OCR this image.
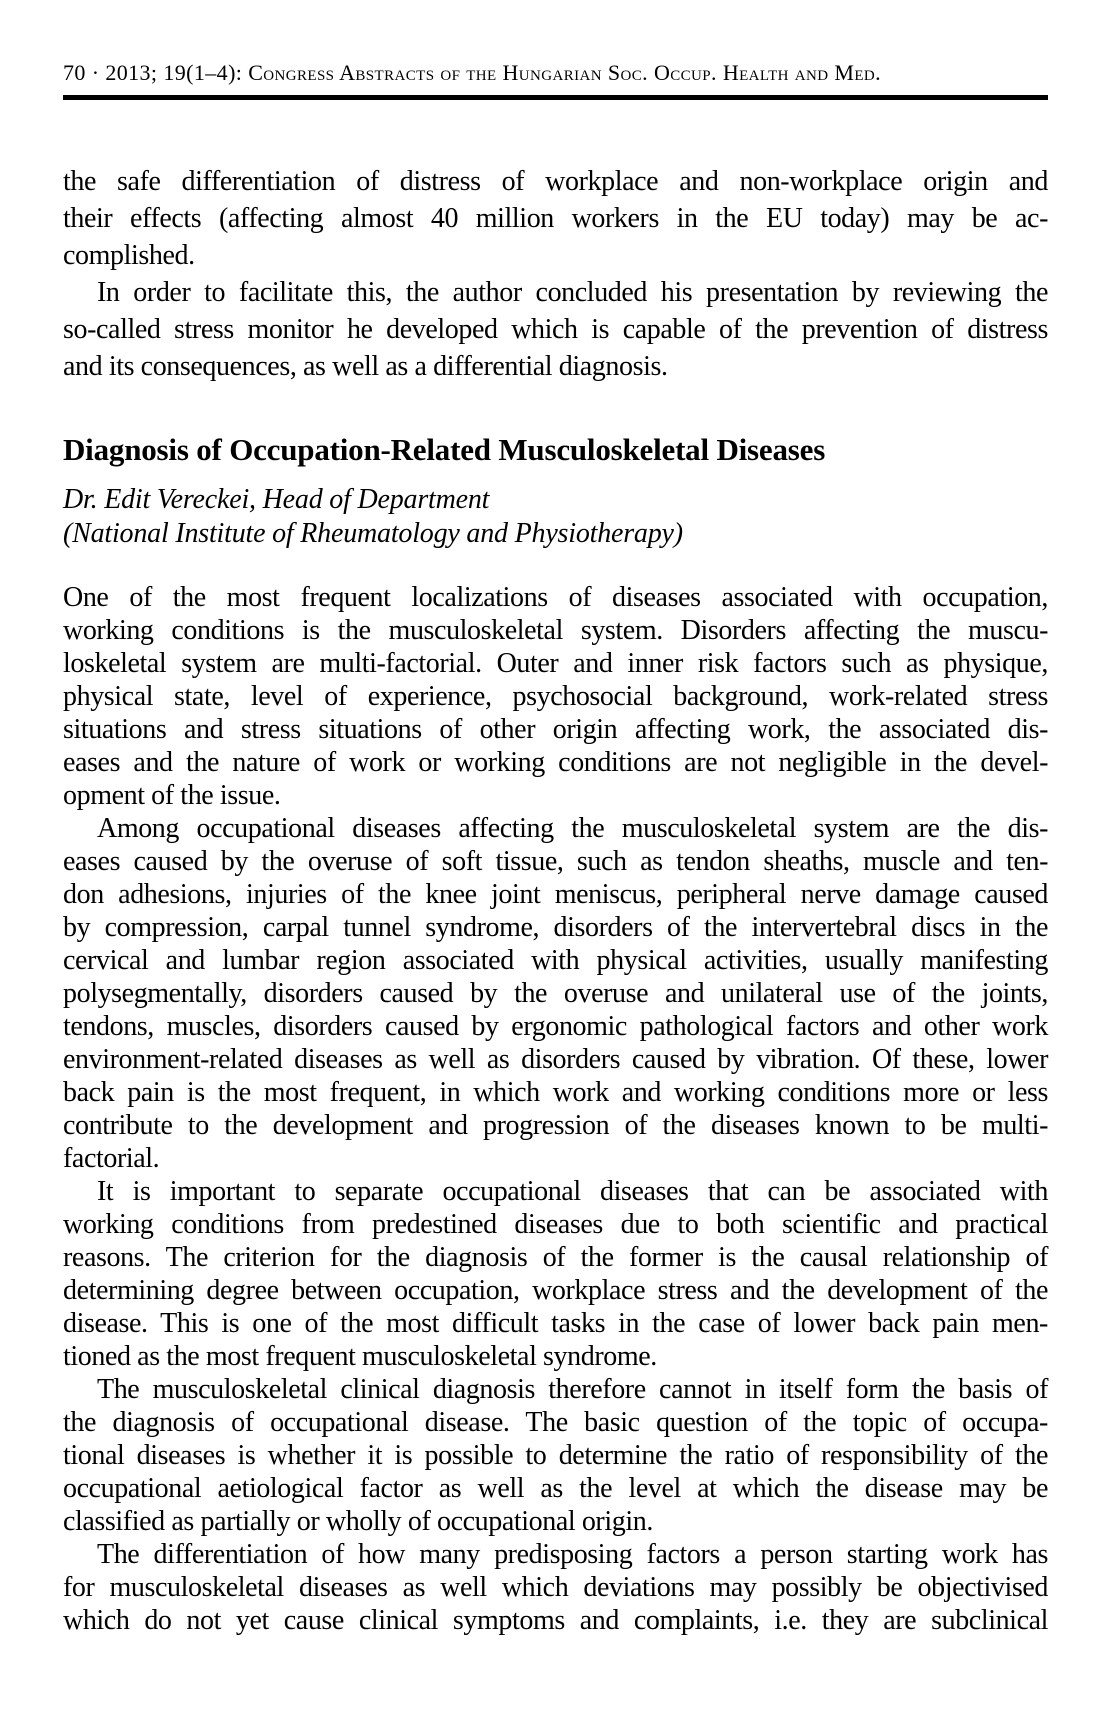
70 · 2013; 19(1–4): Congress Abstracts of the Hungarian Soc. Occup. Health and Med.
the safe differentiation of distress of workplace and non-workplace origin and
their effects (affecting almost 40 million workers in the EU today) may be ac-
complished.
In order to facilitate this, the author concluded his presentation by reviewing the
so-called stress monitor he developed which is capable of the prevention of distress
and its consequences, as well as a differential diagnosis.
Diagnosis of Occupation-Related Musculoskeletal Diseases
Dr. Edit Vereckei, Head of Department
(National Institute of Rheumatology and Physiotherapy)
One of the most frequent localizations of diseases associated with occupation,
working conditions is the musculoskeletal system. Disorders affecting the muscu-
loskeletal system are multi-factorial. Outer and inner risk factors such as physique,
physical state, level of experience, psychosocial background, work-related stress
situations and stress situations of other origin affecting work, the associated dis-
eases and the nature of work or working conditions are not negligible in the devel-
opment of the issue.
Among occupational diseases affecting the musculoskeletal system are the dis-
eases caused by the overuse of soft tissue, such as tendon sheaths, muscle and ten-
don adhesions, injuries of the knee joint meniscus, peripheral nerve damage caused
by compression, carpal tunnel syndrome, disorders of the intervertebral discs in the
cervical and lumbar region associated with physical activities, usually manifesting
polysegmentally, disorders caused by the overuse and unilateral use of the joints,
tendons, muscles, disorders caused by ergonomic pathological factors and other work
environment-related diseases as well as disorders caused by vibration. Of these, lower
back pain is the most frequent, in which work and working conditions more or less
contribute to the development and progression of the diseases known to be multi-
factorial.
It is important to separate occupational diseases that can be associated with
working conditions from predestined diseases due to both scientific and practical
reasons. The criterion for the diagnosis of the former is the causal relationship of
determining degree between occupation, workplace stress and the development of the
disease. This is one of the most difficult tasks in the case of lower back pain men-
tioned as the most frequent musculoskeletal syndrome.
The musculoskeletal clinical diagnosis therefore cannot in itself form the basis of
the diagnosis of occupational disease. The basic question of the topic of occupa-
tional diseases is whether it is possible to determine the ratio of responsibility of the
occupational aetiological factor as well as the level at which the disease may be
classified as partially or wholly of occupational origin.
The differentiation of how many predisposing factors a person starting work has
for musculoskeletal diseases as well which deviations may possibly be objectivised
which do not yet cause clinical symptoms and complaints, i.e. they are subclinical
